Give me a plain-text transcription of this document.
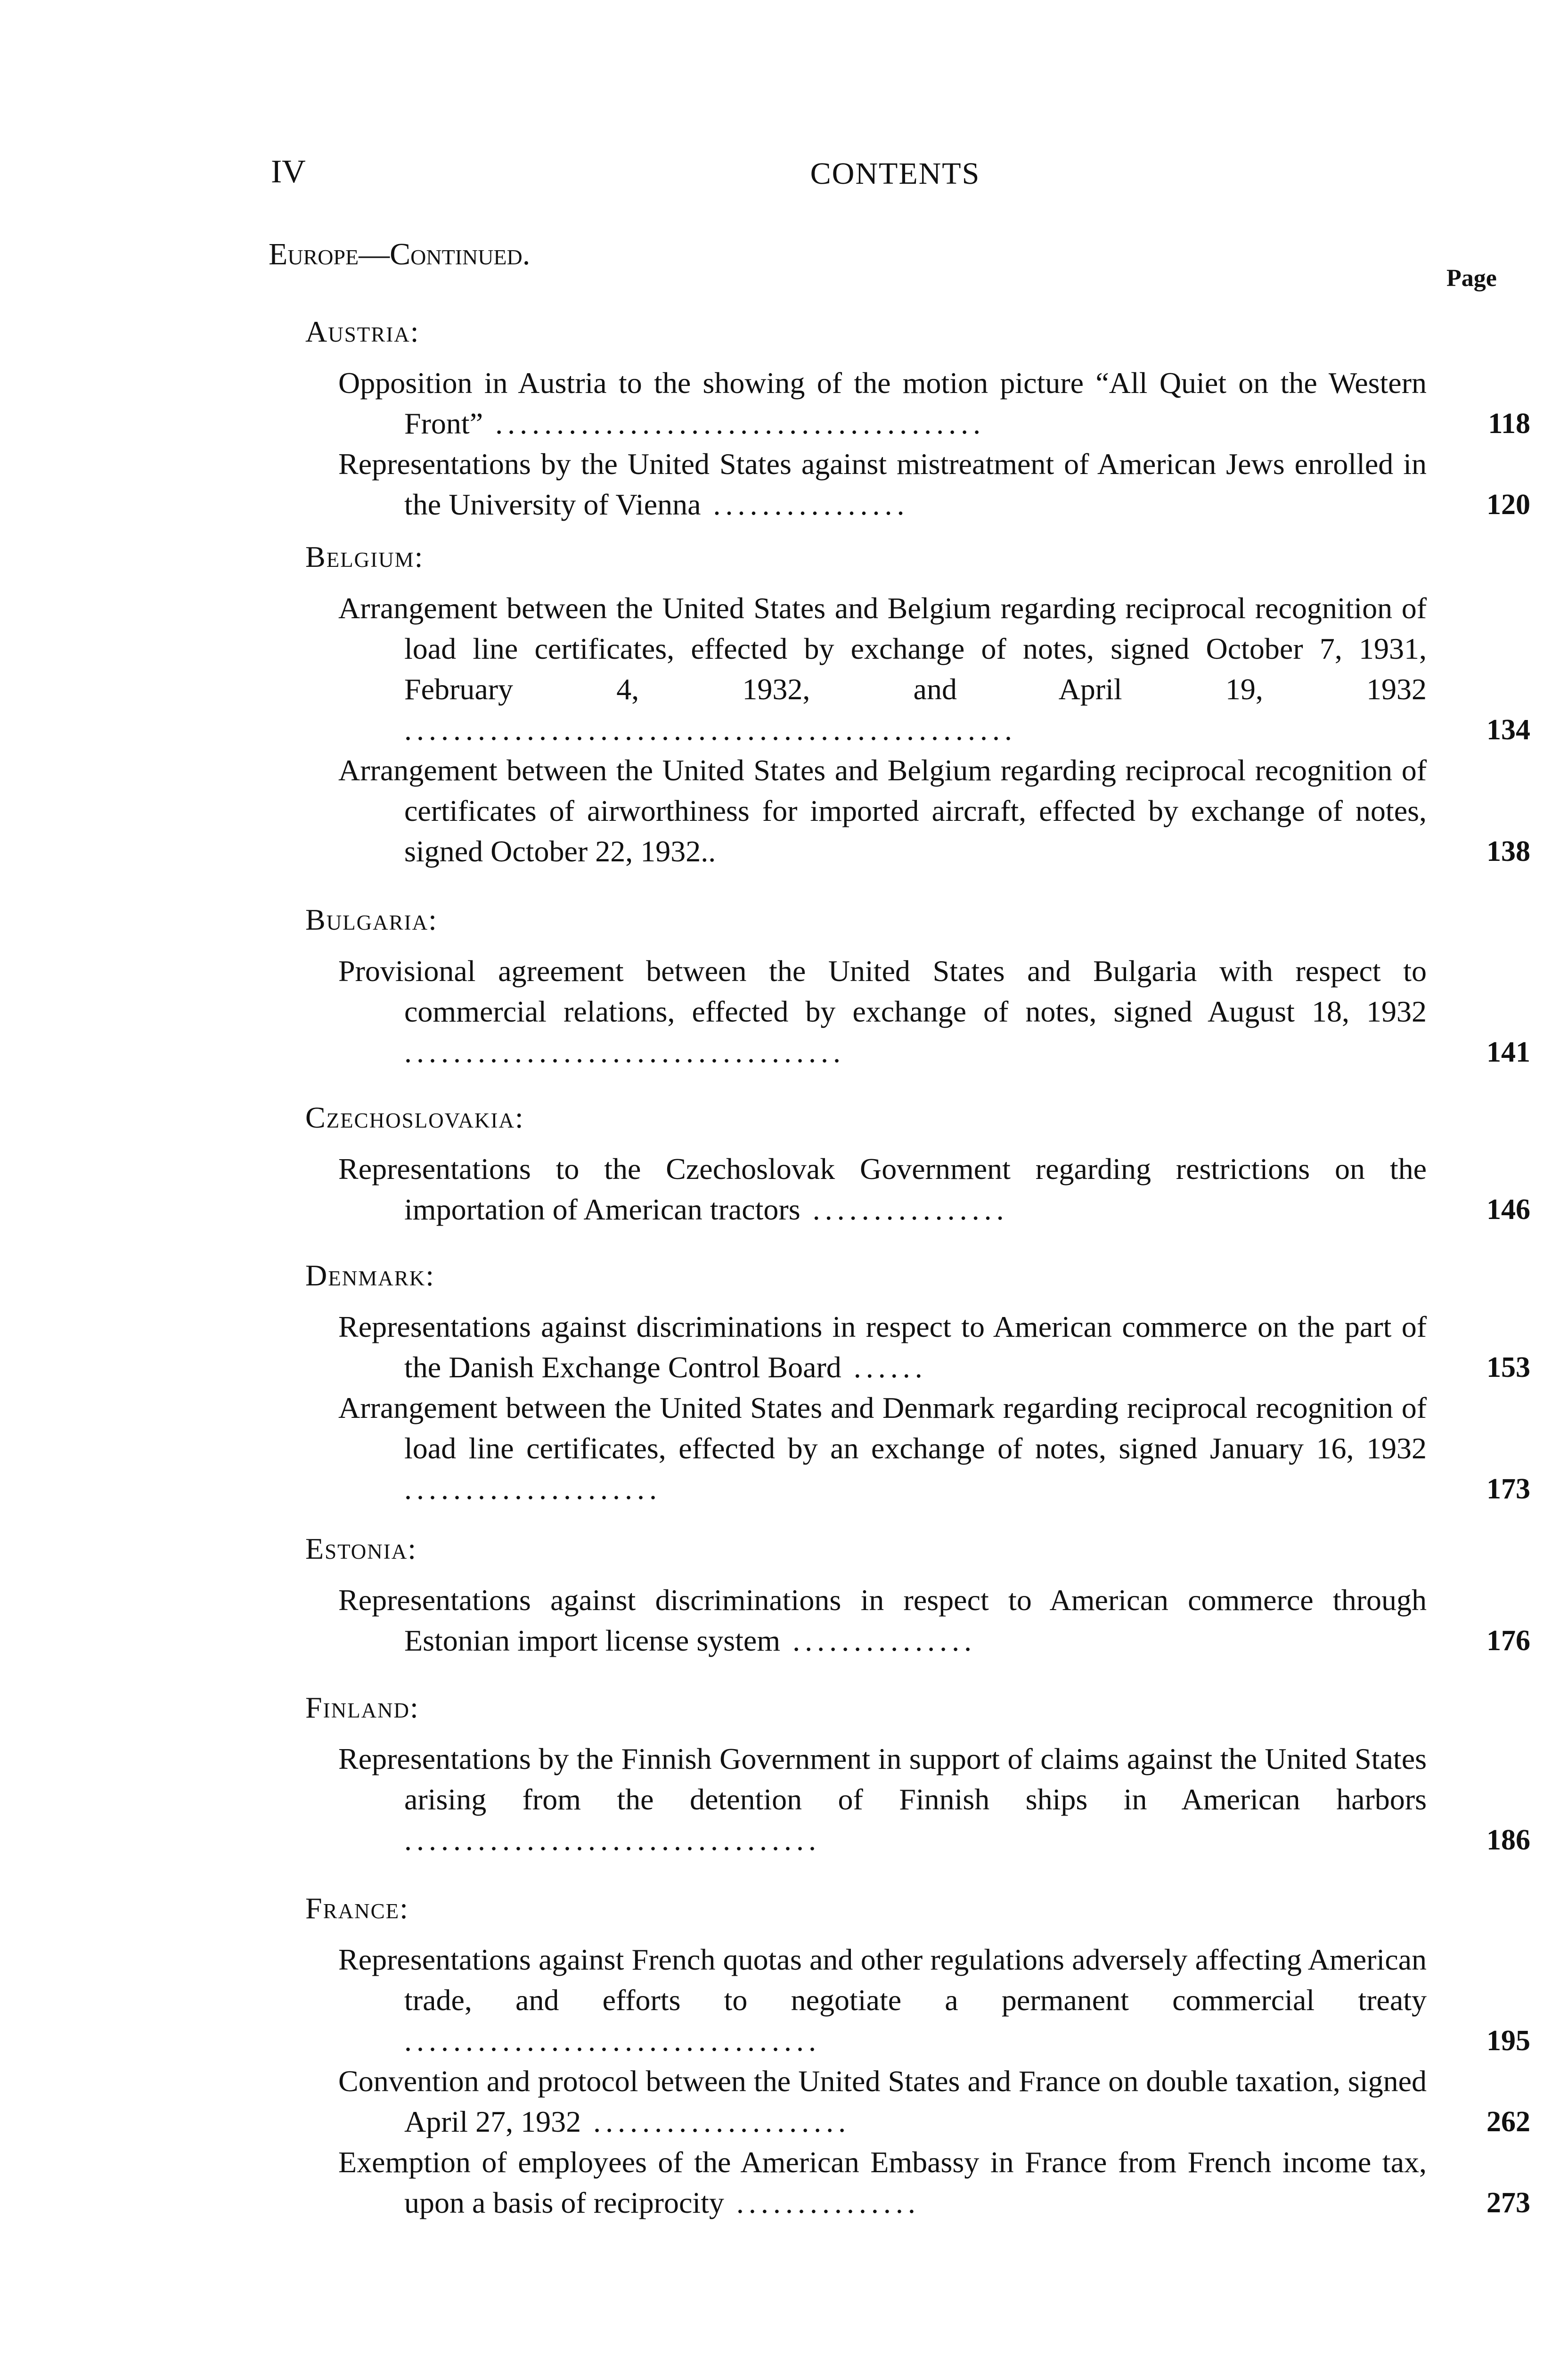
IV	CONTENTS
Europe—Continued.
Page
Austria:
Opposition in Austria to the showing of the motion picture “All Quiet on the Western Front” ........................................	118
Representations by the United States against mistreatment of American Jews enrolled in the University of Vienna ................	120
Belgium:
Arrangement between the United States and Belgium regarding reciprocal recognition of load line certificates, effected by exchange of notes, signed October 7, 1931, February 4, 1932, and April 19, 1932 ..................................................	134
Arrangement between the United States and Belgium regarding reciprocal recognition of certificates of airworthiness for imported aircraft, effected by exchange of notes, signed October 22, 1932..	138
Bulgaria:
Provisional agreement between the United States and Bulgaria with respect to commercial relations, effected by exchange of notes, signed August 18, 1932 ....................................	141
Czechoslovakia:
Representations to the Czechoslovak Government regarding restrictions on the importation of American tractors ................	146
Denmark:
Representations against discriminations in respect to American commerce on the part of the Danish Exchange Control Board ......	153
Arrangement between the United States and Denmark regarding reciprocal recognition of load line certificates, effected by an exchange of notes, signed January 16, 1932 .....................	173
Estonia:
Representations against discriminations in respect to American commerce through Estonian import license system ...............	176
Finland:
Representations by the Finnish Government in support of claims against the United States arising from the detention of Finnish ships in American harbors ..................................	186
France:
Representations against French quotas and other regulations adversely affecting American trade, and efforts to negotiate a permanent commercial treaty ..................................	195
Convention and protocol between the United States and France on double taxation, signed April 27, 1932 .....................	262
Exemption of employees of the American Embassy in France from French income tax, upon a basis of reciprocity ...............	273
